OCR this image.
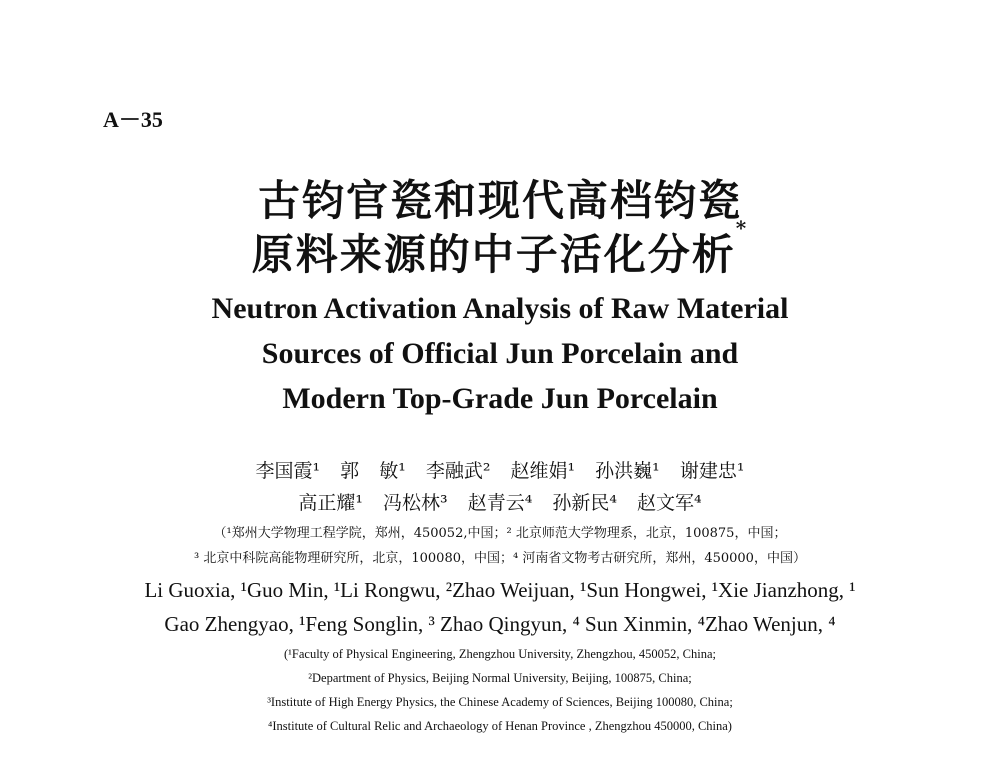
A－35
古钧官瓷和现代高档钧瓷
原料来源的中子活化分析*
Neutron Activation Analysis of Raw Material
Sources of Official Jun Porcelain and
Modern Top-Grade Jun Porcelain
李国霞¹ 郭 敏¹ 李融武² 赵维娟¹ 孙洪巍¹ 谢建忠¹
高正耀¹ 冯松林³ 赵青云⁴ 孙新民⁴ 赵文军⁴
（¹郑州大学物理工程学院，郑州，450052,中国；² 北京师范大学物理系，北京，100875，中国；
³ 北京中科院高能物理研究所，北京，100080，中国；⁴ 河南省文物考古研究所，郑州，450000，中国）
Li Guoxia, ¹Guo Min, ¹Li Rongwu, ²Zhao Weijuan, ¹Sun Hongwei, ¹Xie Jianzhong, ¹
Gao Zhengyao, ¹Feng Songlin, ³ Zhao Qingyun, ⁴ Sun Xinmin, ⁴Zhao Wenjun, ⁴
(¹Faculty of Physical Engineering, Zhengzhou University, Zhengzhou, 450052, China;
²Department of Physics, Beijing Normal University, Beijing, 100875, China;
³Institute of High Energy Physics, the Chinese Academy of Sciences, Beijing 100080, China;
⁴Institute of Cultural Relic and Archaeology of Henan Province , Zhengzhou 450000, China)
